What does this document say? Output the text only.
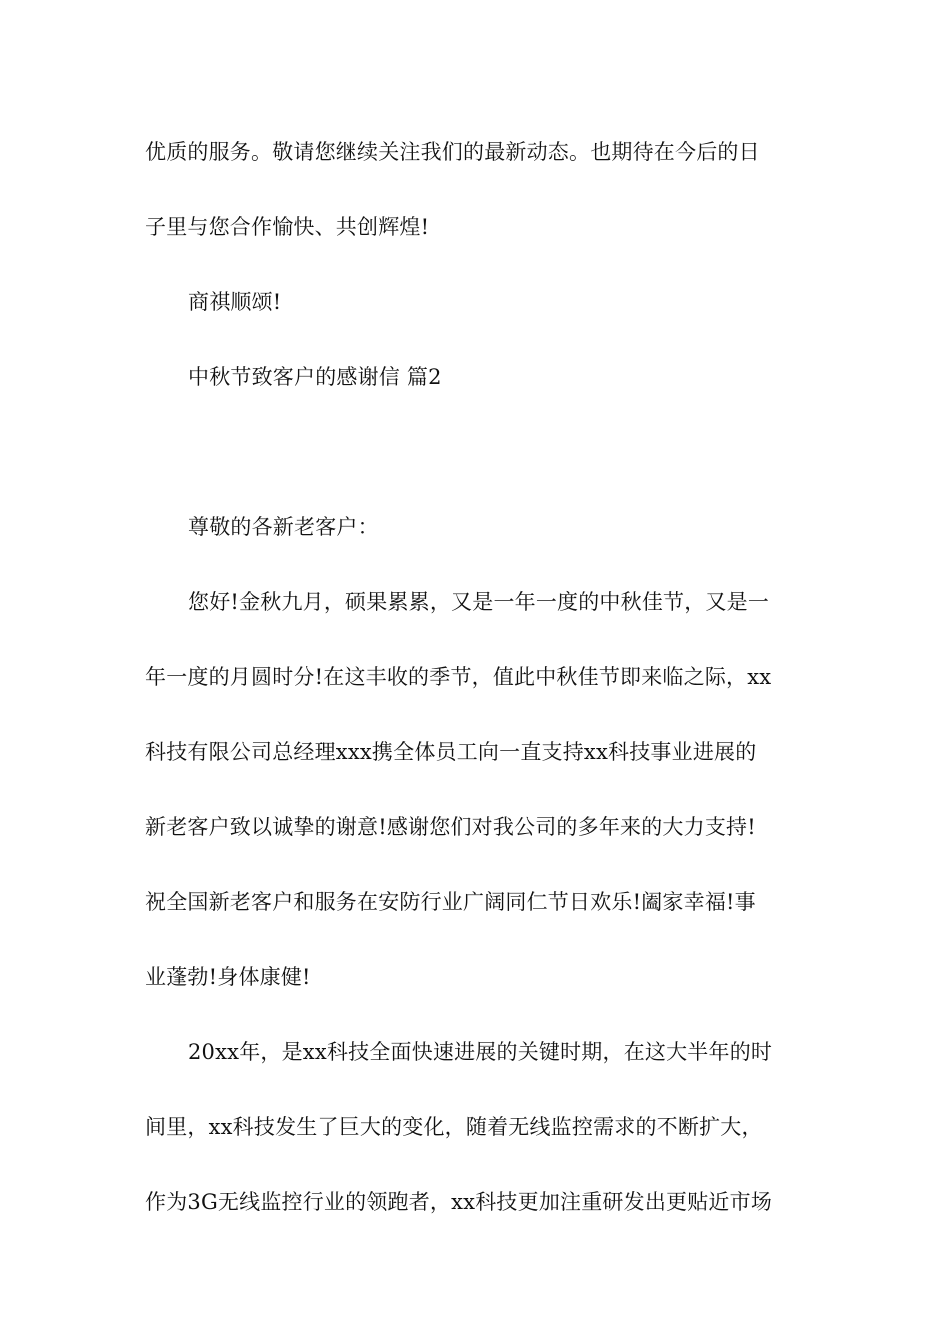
优质的服务。敬请您继续关注我们的最新动态。也期待在今后的日
子里与您合作愉快、共创辉煌!
商祺顺颂!
中秋节致客户的感谢信 篇2
尊敬的各新老客户：
您好!金秋九月，硕果累累，又是一年一度的中秋佳节，又是一
年一度的月圆时分!在这丰收的季节，值此中秋佳节即来临之际，xx
科技有限公司总经理xxx携全体员工向一直支持xx科技事业进展的
新老客户致以诚挚的谢意!感谢您们对我公司的多年来的大力支持!
祝全国新老客户和服务在安防行业广阔同仁节日欢乐!阖家幸福!事
业蓬勃!身体康健!
20xx年，是xx科技全面快速进展的关键时期，在这大半年的时
间里，xx科技发生了巨大的变化，随着无线监控需求的不断扩大，
作为3G无线监控行业的领跑者，xx科技更加注重研发出更贴近市场
